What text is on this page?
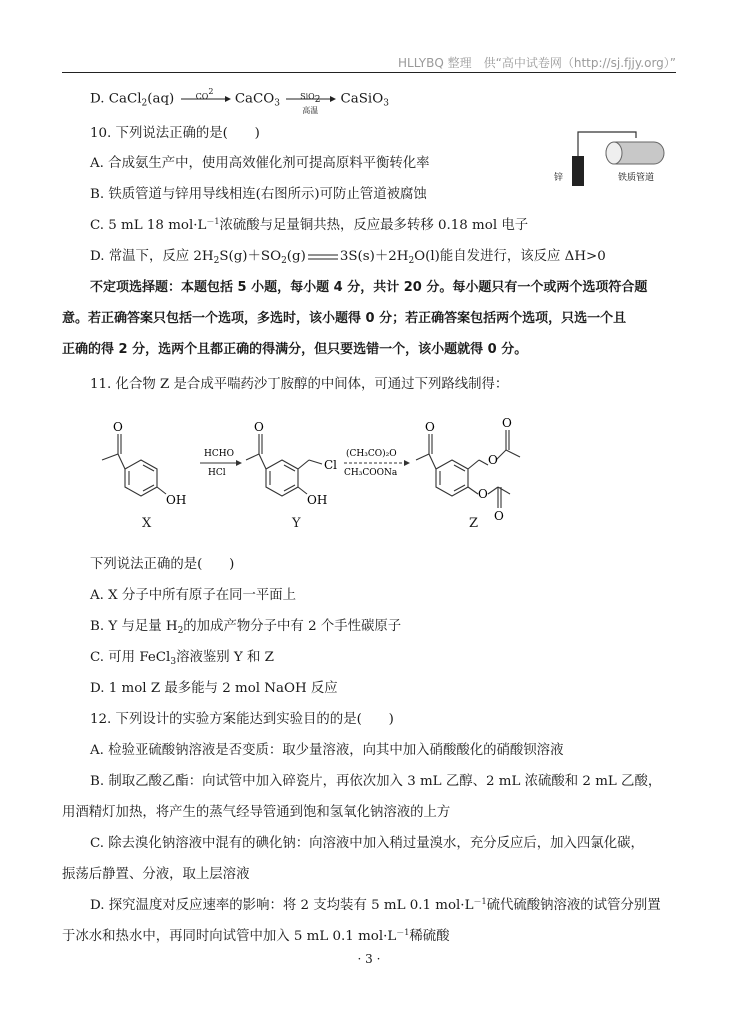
HLLYBQ 整理　供“高中试卷网（http://sj.fjjy.org）”
D. CaCl$_2$(aq)	$CO^2$	CaCO$_3$
SiO$_2$
高温
CaSiO$_3$
10. 下列说法正确的是(　　)
A. 合成氨生产中，使用高效催化剂可提高原料平衡转化率
B. 铁质管道与锌用导线相连(右图所示)可防止管道被腐蚀
C. 5 mL 18 $mol\cdot L^{-1}$浓硫酸与足量铜共热，反应最多转移 0.18 mol 电子
D. 常温下，反应 $2H_2S(g)+SO_2(g)$	$3S(s)+2H_2O(l)$能自发进行，该反应 ΔH>0
锌	铁质管道
不定项选择题：本题包括 5 小题，每小题 4 分，共计 20 分。每小题只有一个或两个选项符合题
意。若正确答案只包括一个选项，多选时，该小题得 0 分；若正确答案包括两个选项，只选一个且
正确的得 2 分，选两个且都正确的得满分，但只要选错一个，该小题就得 0 分。
11. 化合物 Z 是合成平喘药沙丁胺醇的中间体，可通过下列路线制得：
O
OH
HCHO
HCl
O
Cl
OH
(CH₃CO)₂O
CH₃COONa
O
O
O
O
O
X	Y	Z
下列说法正确的是(　　)
A. X 分子中所有原子在同一平面上
B. Y 与足量 $H_2$的加成产物分子中有 2 个手性碳原子
C. 可用 FeCl$_3$溶液鉴别 Y 和 Z
D. 1 mol Z 最多能与 2 mol NaOH 反应
12. 下列设计的实验方案能达到实验目的的是(　　)
A. 检验亚硫酸钠溶液是否变质：取少量溶液，向其中加入硝酸酸化的硝酸钡溶液
B. 制取乙酸乙酯：向试管中加入碎瓷片，再依次加入 3 mL 乙醇、2 mL 浓硫酸和 2 mL 乙酸，
用酒精灯加热，将产生的蒸气经导管通到饱和氢氧化钠溶液的上方
C. 除去溴化钠溶液中混有的碘化钠：向溶液中加入稍过量溴水，充分反应后，加入四氯化碳，
振荡后静置、分液，取上层溶液
D. 探究温度对反应速率的影响：将 2 支均装有 5 mL 0.1 $mol\cdot L^{-1}$硫代硫酸钠溶液的试管分别置
于冰水和热水中，再同时向试管中加入 5 mL 0.1 $mol\cdot L^{-1}$稀硫酸
· 3 ·
